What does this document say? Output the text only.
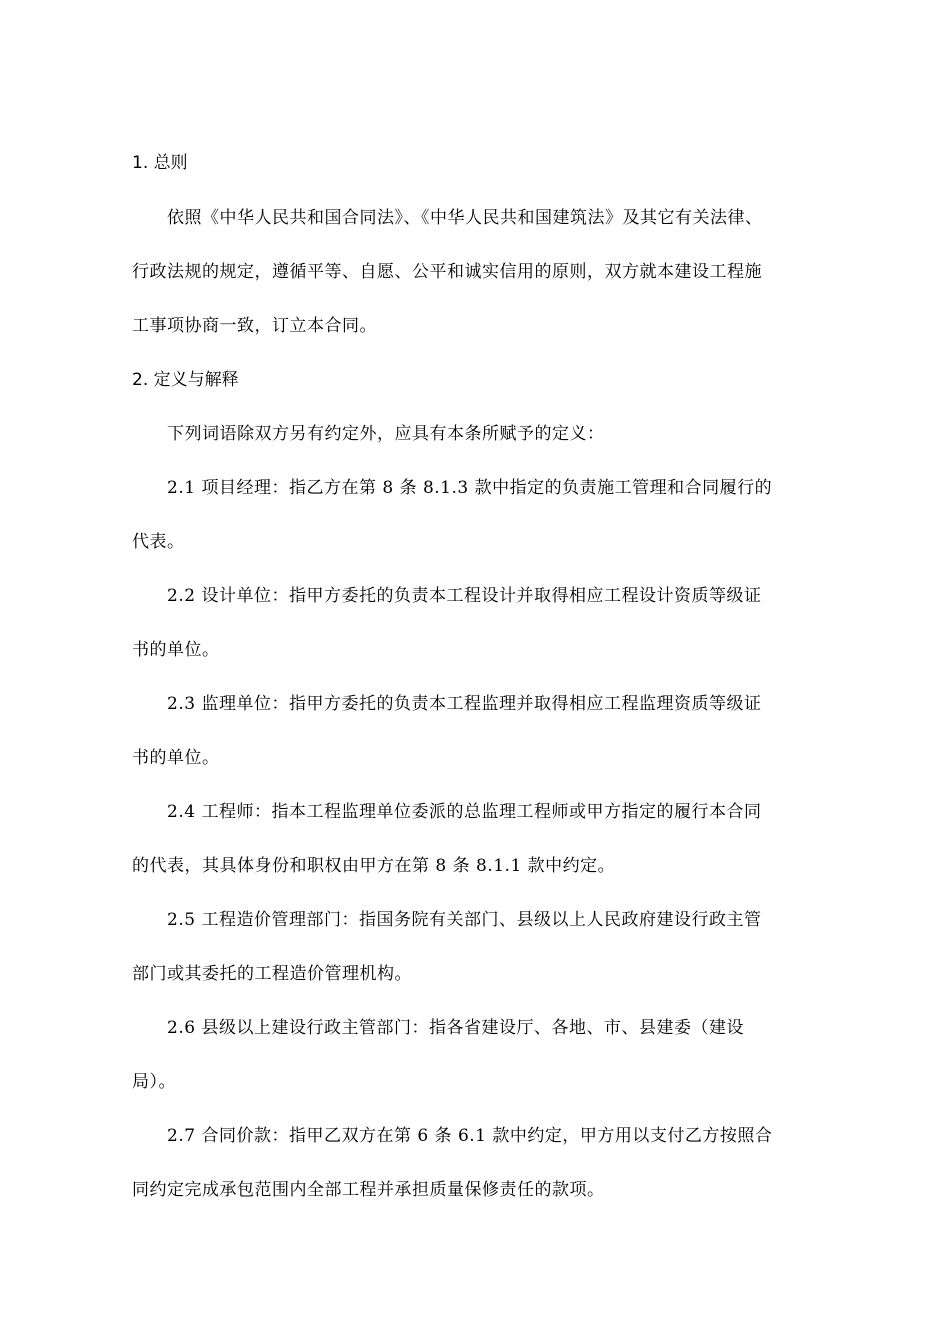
1. 总则
依照《中华人民共和国合同法》、《中华人民共和国建筑法》及其它有关法律、
行政法规的规定，遵循平等、自愿、公平和诚实信用的原则，双方就本建设工程施
工事项协商一致，订立本合同。
2. 定义与解释
下列词语除双方另有约定外，应具有本条所赋予的定义：
2.1 项目经理：指乙方在第 8 条 8.1.3 款中指定的负责施工管理和合同履行的
代表。
2.2 设计单位：指甲方委托的负责本工程设计并取得相应工程设计资质等级证
书的单位。
2.3 监理单位：指甲方委托的负责本工程监理并取得相应工程监理资质等级证
书的单位。
2.4 工程师：指本工程监理单位委派的总监理工程师或甲方指定的履行本合同
的代表，其具体身份和职权由甲方在第 8 条 8.1.1 款中约定。
2.5 工程造价管理部门：指国务院有关部门、县级以上人民政府建设行政主管
部门或其委托的工程造价管理机构。
2.6 县级以上建设行政主管部门：指各省建设厅、各地、市、县建委（建设
局）。
2.7 合同价款：指甲乙双方在第 6 条 6.1 款中约定，甲方用以支付乙方按照合
同约定完成承包范围内全部工程并承担质量保修责任的款项。
